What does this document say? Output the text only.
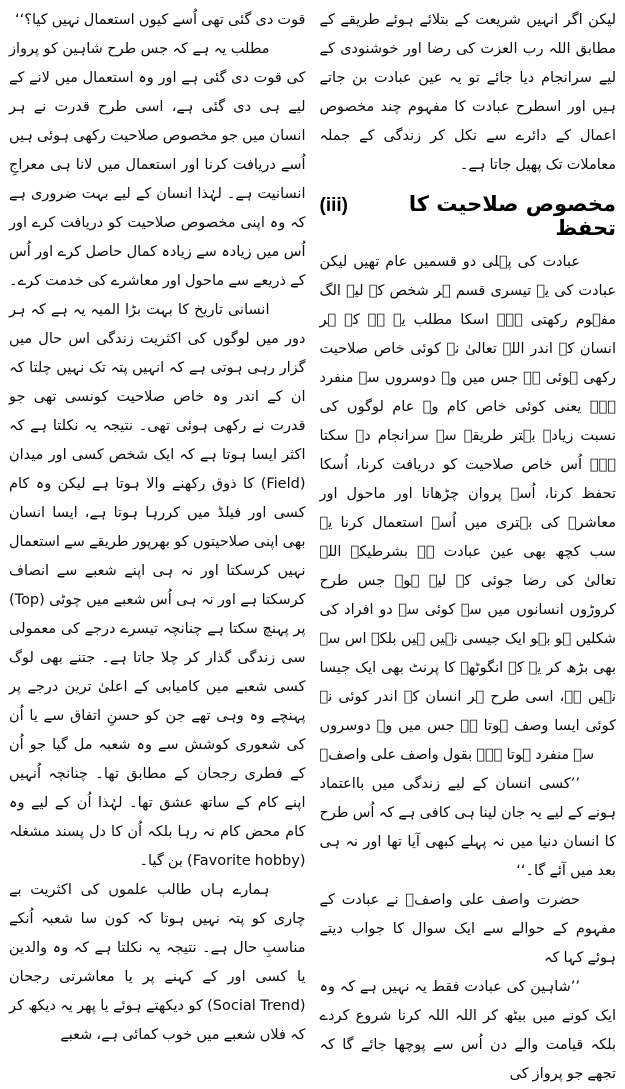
لیکن اگر انہیں شریعت کے بتلائے ہوئے طریقے کے مطابق اللہ رب العزت کی رضا اور خوشنودی کے لیے سرانجام دیا جائے تو یہ عین عبادت بن جاتے ہیں اور اسطرح عبادت کا مفہوم چند مخصوص اعمال کے دائرے سے نکل کر زندگی کے جملہ معاملات تک پھیل جاتا ہے۔

(iii)	مخصوص صلاحیت کا تحفظ

عبادت کی پہلی دو قسمیں عام تھیں لیکن عبادت کی یہ تیسری قسم ہر شخص کے لیے الگ مفہوم رکھتی ہے۔ اسکا مطلب یہ ہے کہ ہر انسان کے اندر اللہ تعالیٰ نے کوئی خاص صلاحیت رکھی ہوئی ہے جس میں وہ دوسروں سے منفرد ہے۔ یعنی کوئی خاص کام وہ عام لوگوں کی نسبت زیادہ بہتر طریقے سے سرانجام دے سکتا ہے۔ اُس خاص صلاحیت کو دریافت کرنا، اُسکا تحفظ کرنا، اُسے پروان چڑھانا اور ماحول اور معاشرے کی بہتری میں اُسے استعمال کرنا یہ سب کچھ بھی عین عبادت ہے بشرطیکہ اللہ تعالیٰ کی رضا جوئی کے لیے ہو۔ جس طرح کروڑوں انسانوں میں سے کوئی سے دو افراد کی شکلیں ہو بہو ایک جیسی نہیں ہیں بلکہ اس سے بھی بڑھ کر یہ کہ انگوٹھے کا پرنٹ بھی ایک جیسا نہیں ہے، اسی طرح ہر انسان کے اندر کوئی نہ کوئی ایسا وصف ہوتا ہے جس میں وہ دوسروں سے منفرد ہوتا ہے۔ بقول واصف علی واصفؒ

’’کسی انسان کے لیے زندگی میں بااعتماد ہونے کے لیے یہ جان لینا ہی کافی ہے کہ اُس طرح کا انسان دنیا میں نہ پہلے کبھی آیا تھا اور نہ ہی بعد میں آئے گا۔‘‘

حضرت واصف علی واصفؒ نے عبادت کے مفہوم کے حوالے سے ایک سوال کا جواب دیتے ہوئے کہا کہ

’’شاہین کی عبادت فقط یہ نہیں ہے کہ وہ ایک کونے میں بیٹھ کر اللہ اللہ کرنا شروع کردے بلکہ قیامت والے دن اُس سے پوچھا جائے گا کہ تجھے جو پرواز کی

قوت دی گئی تھی اُسے کیوں استعمال نہیں کیا؟‘‘

مطلب یہ ہے کہ جس طرح شاہین کو پرواز کی قوت دی گئی ہے اور وہ استعمال میں لانے کے لیے ہی دی گئی ہے، اسی طرح قدرت نے ہر انسان میں جو مخصوص صلاحیت رکھی ہوئی ہیں اُسے دریافت کرنا اور استعمال میں لانا ہی معراجِ انسانیت ہے۔ لہٰذا انسان کے لیے بہت ضروری ہے کہ وہ اپنی مخصوص صلاحیت کو دریافت کرے اور اُس میں زیادہ سے زیادہ کمال حاصل کرے اور اُس کے ذریعے سے ماحول اور معاشرے کی خدمت کرے۔

انسانی تاریخ کا بہت بڑا المیہ یہ ہے کہ ہر دور میں لوگوں کی اکثریت زندگی اس حال میں گزار رہی ہوتی ہے کہ انہیں پتہ تک نہیں چلتا کہ ان کے اندر وہ خاص صلاحیت کونسی تھی جو قدرت نے رکھی ہوئی تھی۔ نتیجہ یہ نکلتا ہے کہ اکثر ایسا ہوتا ہے کہ ایک شخص کسی اور میدان (Field) کا ذوق رکھنے والا ہوتا ہے لیکن وہ کام کسی اور فیلڈ میں کررہا ہوتا ہے، ایسا انسان بھی اپنی صلاحیتوں کو بھرپور طریقے سے استعمال نہیں کرسکتا اور نہ ہی اپنے شعبے سے انصاف کرسکتا ہے اور نہ ہی اُس شعبے میں چوٹی (Top) پر پہنچ سکتا ہے چنانچہ تیسرے درجے کی معمولی سی زندگی گذار کر چلا جاتا ہے۔ جتنے بھی لوگ کسی شعبے میں کامیابی کے اعلیٰ ترین درجے پر پہنچے وہ وہی تھے جن کو حسنِ اتفاق سے یا اُن کی شعوری کوشش سے وہ شعبہ مل گیا جو اُن کے فطری رجحان کے مطابق تھا۔ چنانچہ اُنہیں اپنے کام کے ساتھ عشق تھا۔ لہٰذا اُن کے لیے وہ کام محض کام نہ رہا بلکہ اُن کا دل پسند مشغلہ (Favorite hobby) بن گیا۔

ہمارے ہاں طالب علموں کی اکثریت بے چاری کو پتہ نہیں ہوتا کہ کون سا شعبہ اُنکے مناسبِ حال ہے۔ نتیجہ یہ نکلتا ہے کہ وہ والدین یا کسی اور کے کہنے پر یا معاشرتی رجحان (Social Trend) کو دیکھتے ہوئے یا پھر یہ دیکھ کر کہ فلاں شعبے میں خوب کمائی ہے، شعبے
